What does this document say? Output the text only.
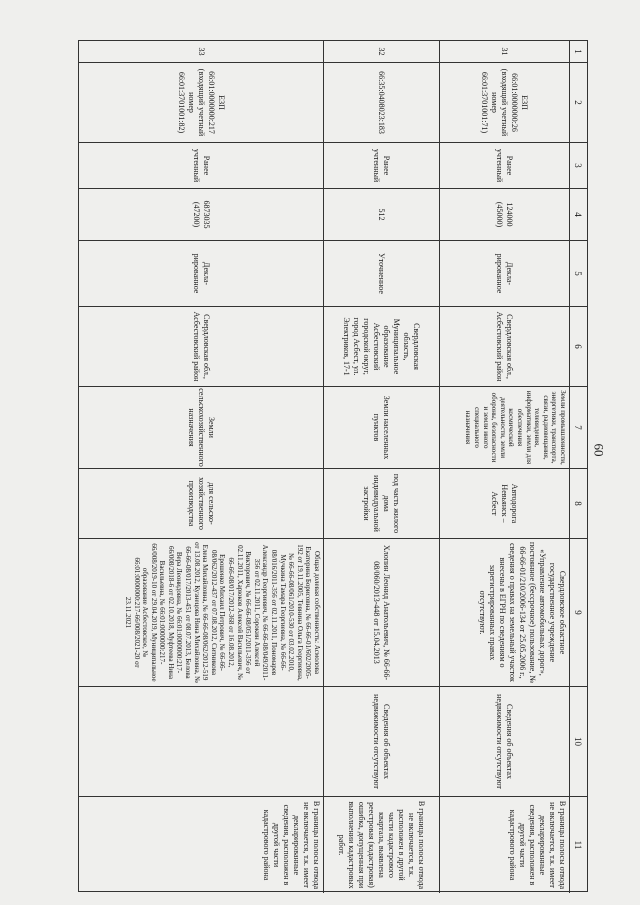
60
1
2
3
4
5
6
7
8
9
10
11
31
ЕЗП 66:01:0000000:26 (входящий учетный номер 66:01:3701001:71)
Ранее учтенный
124000 (45000)
Декла-рированное
Свердловская обл., Асбестовский район
Земли промышленности, энергетики, транспорта, связи, радиовещания, телевидения, информатики, земли для обеспечения космической деятельности, земли обороны, безопасности и земли иного специального назначения
Автодорога Невьянск – Асбест
Свердловское областное государственное учреждение «Управление автомобильных дорог», постоянное (бессрочное) пользование, № 66-66-01/210/2006-134 от 25.05.2006 г., сведения о правах на земельный участок внесены в ЕГРН по сведениям о зарегистрированных правах отсутствуют.
Сведения об объектах недвижимости отсутствуют
В границы полосы отвода не включается, т.к. имеет декларированные сведения, расположен в другой части кадастрового района
32
66:35:0408023:183
Ранее учтенный
512
Уточненное
Свердловская область, Муниципальное образование Асбестовский городской округ, город Асбест, ул. Электриков, 17-1
Земли населенных пунктов
под часть жилого дома индивидуальной застройки
Хлопин Леонид Анатольевич, № 66-66-08/060/2013-448 от 15.04.2013
Сведения об объектах недвижимости отсутствуют
В границы полосы отвода не включается, т.к. расположен в другой части кадастрового квартала, выявлена реестровая (кадастровая) ошибка, допущенная при выполнении кадастровых работ.
33
ЕЗП 66:01:0000000:217 (входящий учетный номер 66:01:3701001:82)
Ранее учтенный
6873035 (47200)
Декла-рированное
Свердловская обл., Асбестовский район
Земли сельскохозяйственного назначения
для сельско-хозяйственного производства
Общая долевая собственность: Асмолова Екатерина Борисовна, № 66-66-01/602/2005-192 от 19.11.2005, Тевнина Ольга Георгиевна, № 66-66-08/061/2010-530 от 03.02.2010, Мучкина Тамара Георгиевна, № 66-66-08/016/2011-356 от 02.11.2011, Пономарев Александр Георгиевич, № 66-66-08/049/2011-356 от 02.11.2011, Сорокин Алексей Викторович, № 66-66-08/051/2011-356 от 02.11.2011, Харюков Алексей Васильевич, № 66-66-08/017/2012-368 от 16.08.2012, Ерошенко Михаил Петрович, № 66-66-08/062/2012-437 от 07.08.2012, Ситникова Елена Михайловна, № 66-66-08/062/2012-519 от 13.08.2012, Кузнецова Нина Михайловна, № 66-66-08/017/2013-451 от 08.07.2013, Белова Вера Леонидовна, № 66:01:0000000:217-66/008/2018-6 от 02.10.2018, Муфтеева Нина Васильевна, № 66:01:0000000:217-66/008/2019-10 от 29.04.2019, Муниципальное образование Асбестовское, № 66:01:0000000:217-66/008/2021-20 от 23.11.2021
В границы полосы отвода не включается, т.к. имеет декларированные сведения, расположен в другой части кадастрового района
